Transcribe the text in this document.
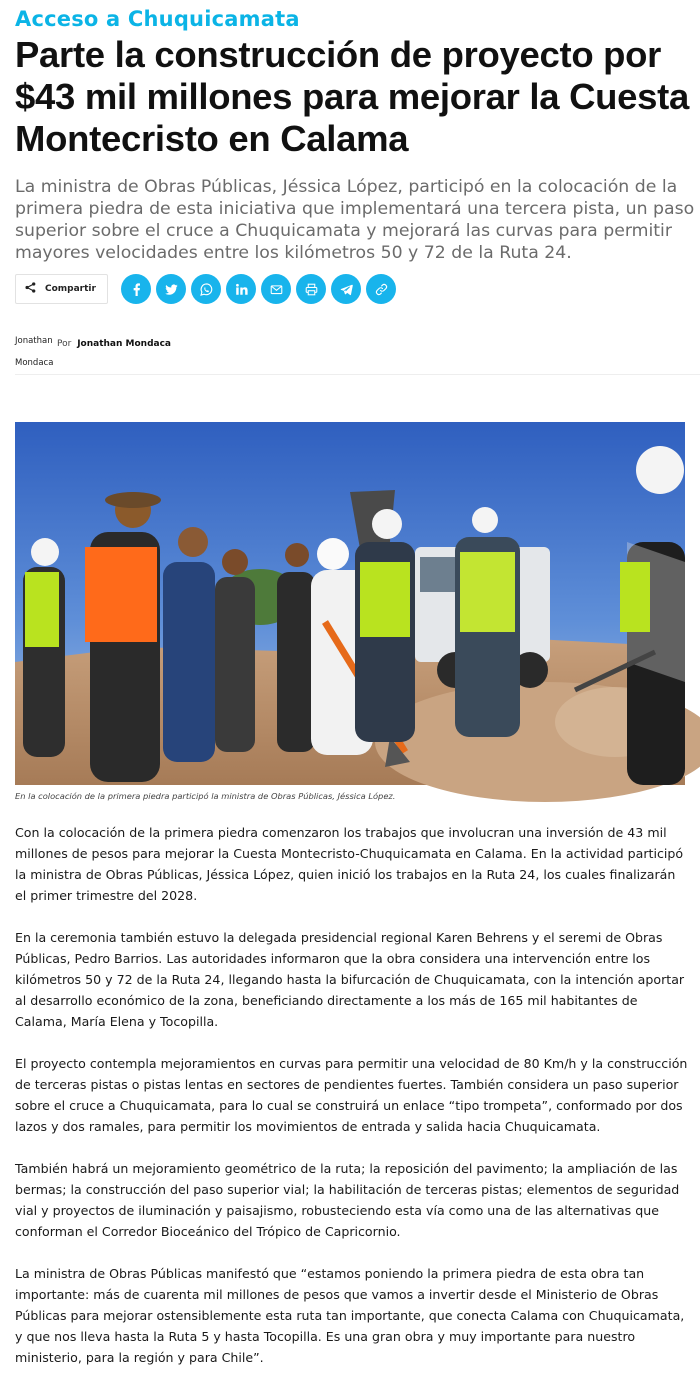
Acceso a Chuquicamata
Parte la construcción de proyecto por $43 mil millones para mejorar la Cuesta Montecristo en Calama

La ministra de Obras Públicas, Jéssica López, participó en la colocación de la primera piedra de esta iniciativa que implementará una tercera pista, un paso superior sobre el cruce a Chuquicamata y mejorará las curvas para permitir mayores velocidades entre los kilómetros 50 y 72 de la Ruta 24.

Compartir
Jonathan
Mondaca
Por Jonathan Mondaca
En la colocación de la primera piedra participó la ministra de Obras Públicas, Jéssica López.

Con la colocación de la primera piedra comenzaron los trabajos que involucran una inversión de 43 mil millones de pesos para mejorar la Cuesta Montecristo-Chuquicamata en Calama. En la actividad participó la ministra de Obras Públicas, Jéssica López, quien inició los trabajos en la Ruta 24, los cuales finalizarán el primer trimestre del 2028.

En la ceremonia también estuvo la delegada presidencial regional Karen Behrens y el seremi de Obras Públicas, Pedro Barrios. Las autoridades informaron que la obra considera una intervención entre los kilómetros 50 y 72 de la Ruta 24, llegando hasta la bifurcación de Chuquicamata, con la intención aportar al desarrollo económico de la zona, beneficiando directamente a los más de 165 mil habitantes de Calama, María Elena y Tocopilla.

El proyecto contempla mejoramientos en curvas para permitir una velocidad de 80 Km/h y la construcción de terceras pistas o pistas lentas en sectores de pendientes fuertes. También considera un paso superior sobre el cruce a Chuquicamata, para lo cual se construirá un enlace “tipo trompeta”, conformado por dos lazos y dos ramales, para permitir los movimientos de entrada y salida hacia Chuquicamata.

También habrá un mejoramiento geométrico de la ruta; la reposición del pavimento; la ampliación de las bermas; la construcción del paso superior vial; la habilitación de terceras pistas; elementos de seguridad vial y proyectos de iluminación y paisajismo, robusteciendo esta vía como una de las alternativas que conforman el Corredor Bioceánico del Trópico de Capricornio.

La ministra de Obras Públicas manifestó que “estamos poniendo la primera piedra de esta obra tan importante: más de cuarenta mil millones de pesos que vamos a invertir desde el Ministerio de Obras Públicas para mejorar ostensiblemente esta ruta tan importante, que conecta Calama con Chuquicamata, y que nos lleva hasta la Ruta 5 y hasta Tocopilla. Es una gran obra y muy importante para nuestro ministerio, para la región y para Chile”.
